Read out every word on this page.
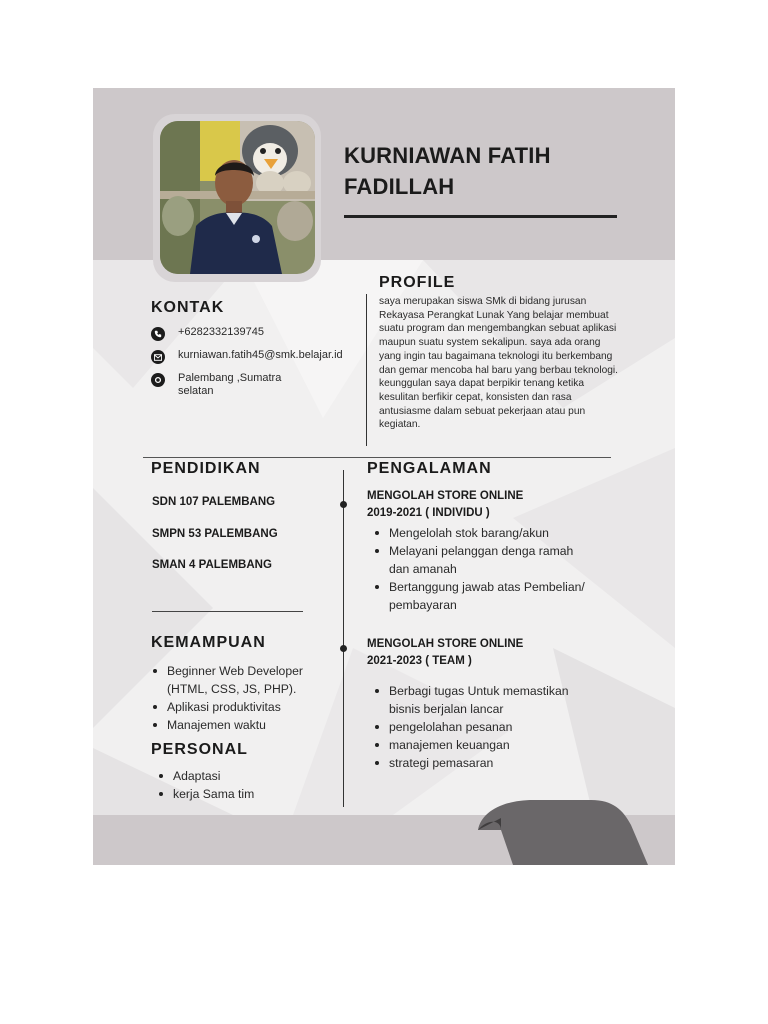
KURNIAWAN FATIH
FADILLAH
PROFILE
saya merupakan siswa SMk di bidang jurusan Rekayasa Perangkat Lunak Yang belajar membuat suatu program dan mengembangkan sebuat aplikasi maupun suatu system sekalipun. saya ada orang yang ingin tau bagaimana teknologi itu berkembang dan gemar mencoba hal baru yang berbau teknologi. keunggulan saya dapat berpikir tenang ketika kesulitan berfikir cepat, konsisten dan rasa antusiasme dalam sebuat pekerjaan atau pun kegiatan.
KONTAK
+6282332139745
kurniawan.fatih45@smk.belajar.id
Palembang ,Sumatra
selatan
PENDIDIKAN
SDN 107 PALEMBANG
SMPN 53 PALEMBANG
SMAN 4 PALEMBANG
KEMAMPUAN
Beginner Web Developer
(HTML, CSS, JS, PHP).
Aplikasi produktivitas
Manajemen waktu
PERSONAL
Adaptasi
kerja Sama tim
PENGALAMAN
MENGOLAH STORE ONLINE
2019-2021 ( INDIVIDU )
Mengelolah stok barang/akun
Melayani pelanggan denga ramah
dan amanah
Bertanggung jawab atas Pembelian/
pembayaran
MENGOLAH STORE ONLINE
2021-2023 ( TEAM )
Berbagi tugas Untuk memastikan
bisnis berjalan lancar
pengelolahan pesanan
manajemen keuangan
strategi pemasaran
